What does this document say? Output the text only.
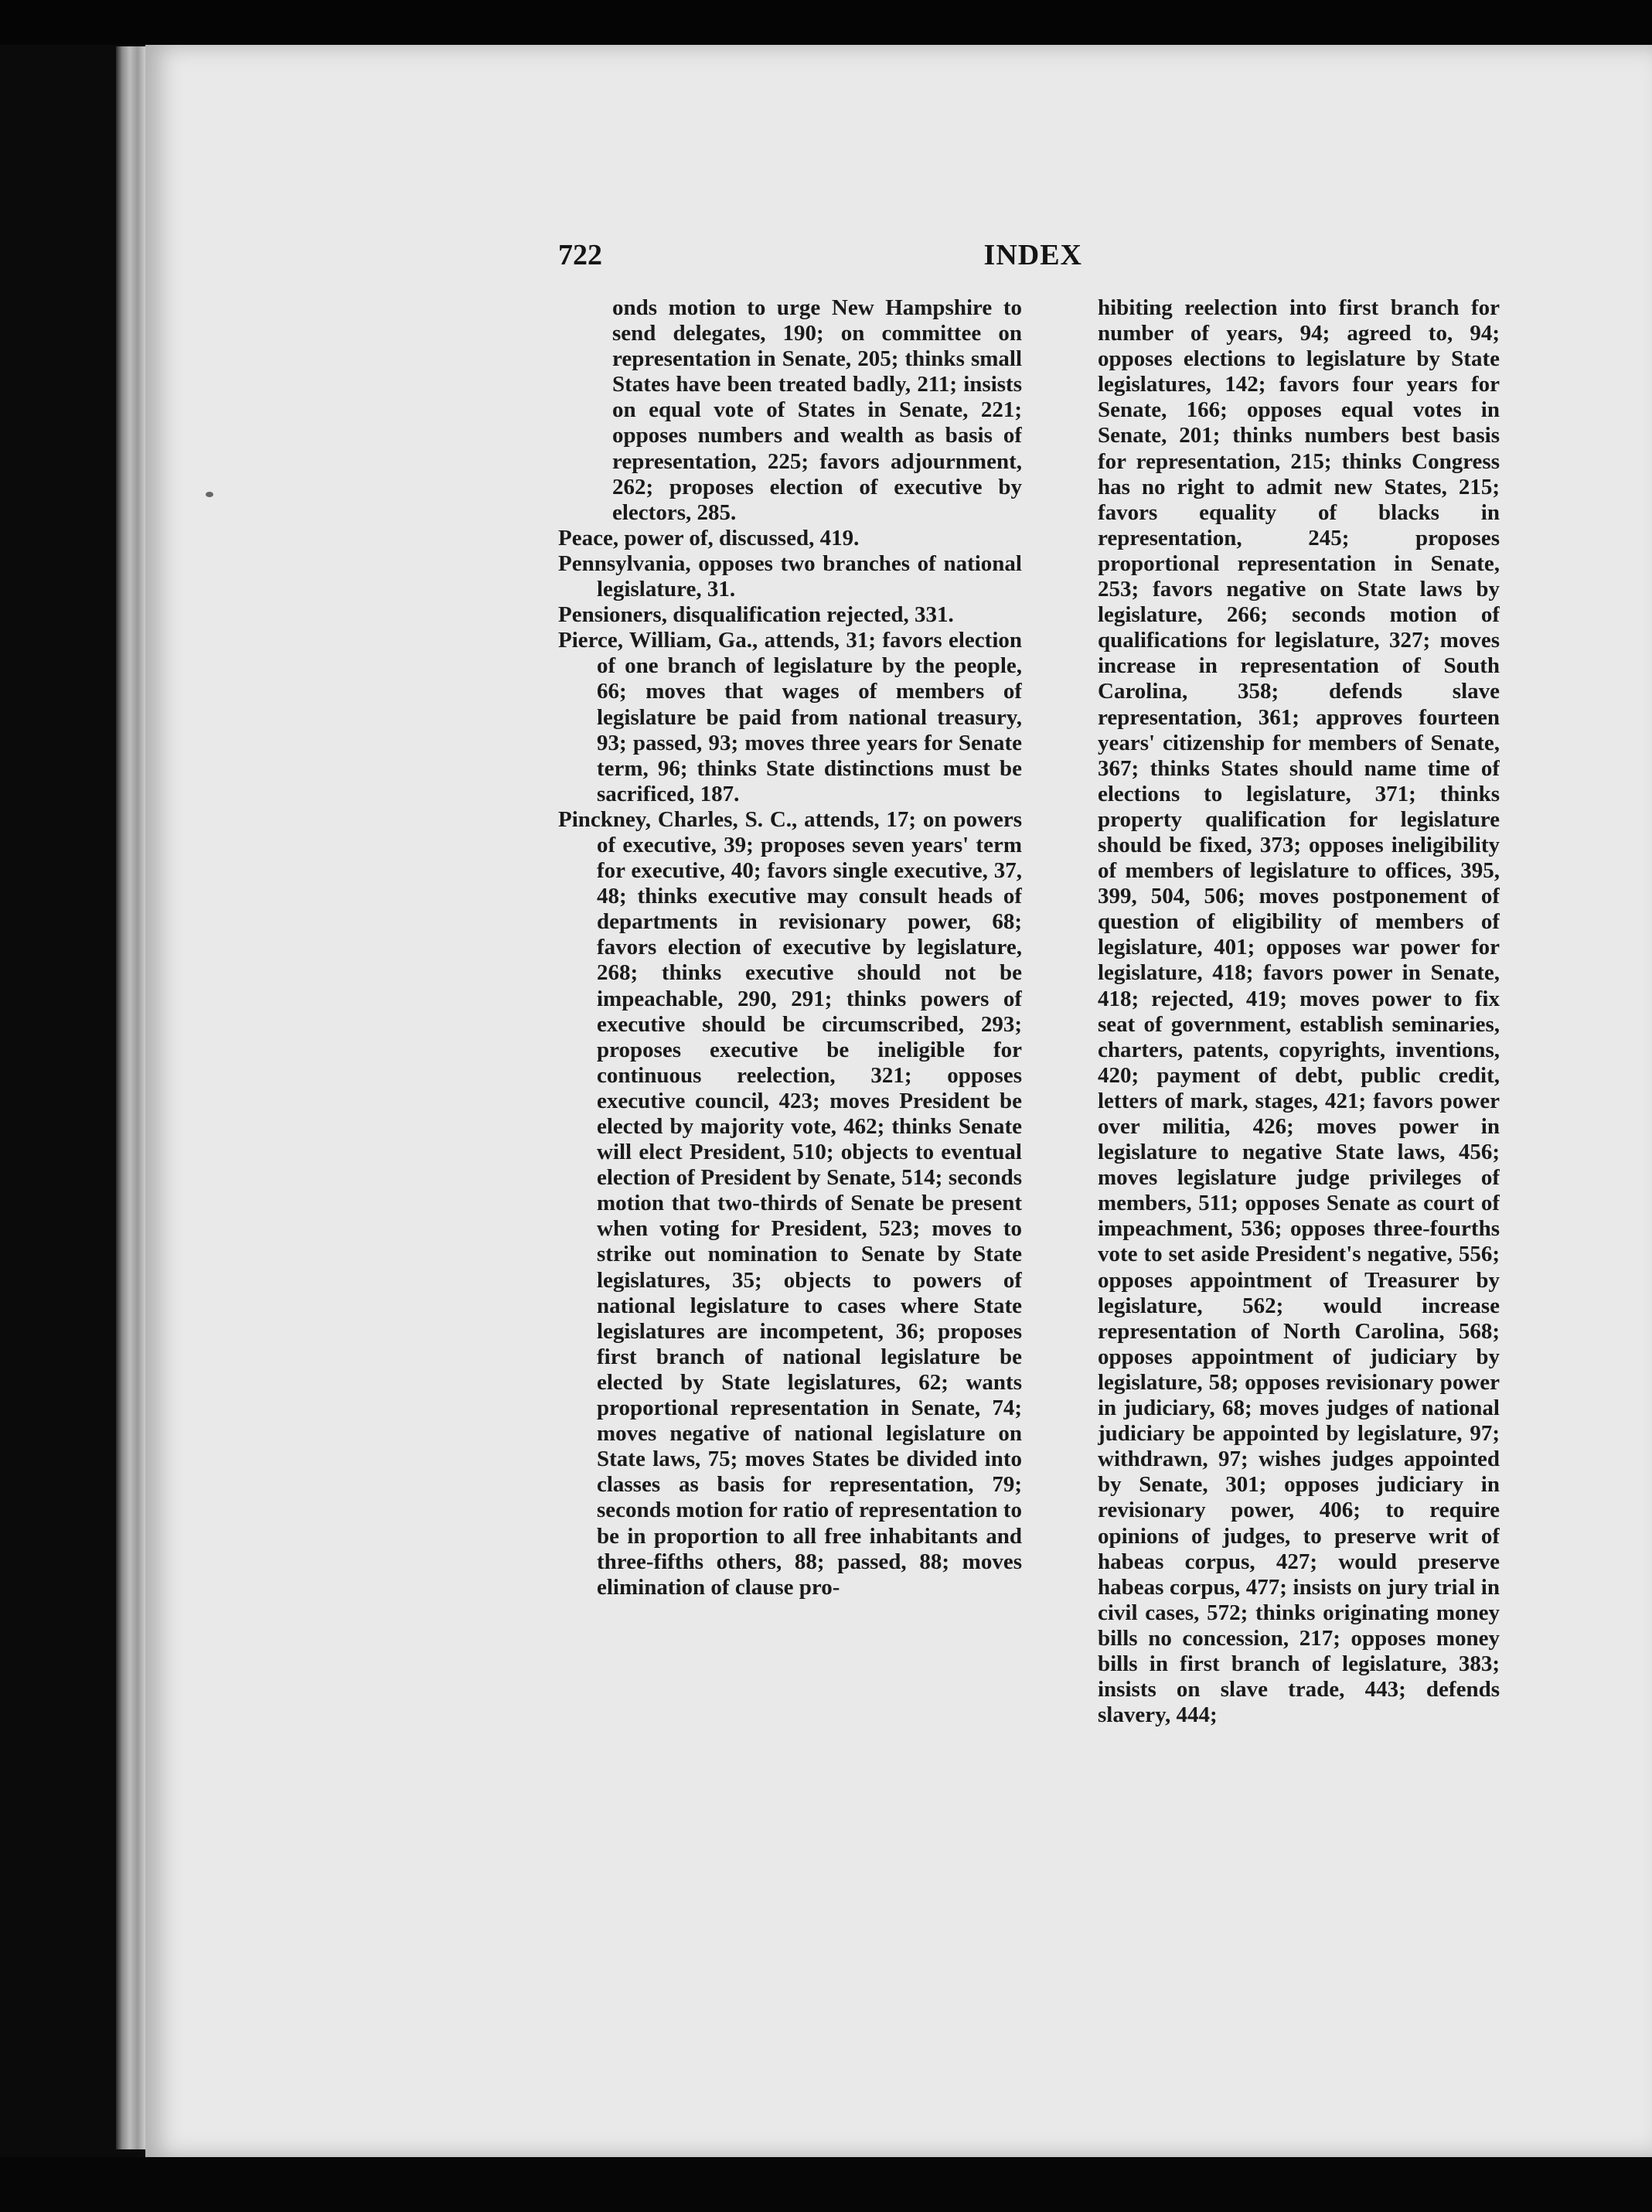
722	INDEX

onds motion to urge New Hampshire to send delegates, 190; on committee on representation in Senate, 205; thinks small States have been treated badly, 211; insists on equal vote of States in Senate, 221; opposes numbers and wealth as basis of representation, 225; favors adjournment, 262; proposes election of executive by electors, 285.

Peace, power of, discussed, 419.

Pennsylvania, opposes two branches of national legislature, 31.

Pensioners, disqualification rejected, 331.

Pierce, William, Ga., attends, 31; favors election of one branch of legislature by the people, 66; moves that wages of members of legislature be paid from national treasury, 93; passed, 93; moves three years for Senate term, 96; thinks State distinctions must be sacrificed, 187.

Pinckney, Charles, S. C., attends, 17; on powers of executive, 39; proposes seven years' term for executive, 40; favors single executive, 37, 48; thinks executive may consult heads of departments in revisionary power, 68; favors election of executive by legislature, 268; thinks executive should not be impeachable, 290, 291; thinks powers of executive should be circumscribed, 293; proposes executive be ineligible for continuous reelection, 321; opposes executive council, 423; moves President be elected by majority vote, 462; thinks Senate will elect President, 510; objects to eventual election of President by Senate, 514; seconds motion that two-thirds of Senate be present when voting for President, 523; moves to strike out nomination to Senate by State legislatures, 35; objects to powers of national legislature to cases where State legislatures are incompetent, 36; proposes first branch of national legislature be elected by State legislatures, 62; wants proportional representation in Senate, 74; moves negative of national legislature on State laws, 75; moves States be divided into classes as basis for representation, 79; seconds motion for ratio of representation to be in proportion to all free inhabitants and three-fifths others, 88; passed, 88; moves elimination of clause pro-

hibiting reelection into first branch for number of years, 94; agreed to, 94; opposes elections to legislature by State legislatures, 142; favors four years for Senate, 166; opposes equal votes in Senate, 201; thinks numbers best basis for representation, 215; thinks Congress has no right to admit new States, 215; favors equality of blacks in representation, 245; proposes proportional representation in Senate, 253; favors negative on State laws by legislature, 266; seconds motion of qualifications for legislature, 327; moves increase in representation of South Carolina, 358; defends slave representation, 361; approves fourteen years' citizenship for members of Senate, 367; thinks States should name time of elections to legislature, 371; thinks property qualification for legislature should be fixed, 373; opposes ineligibility of members of legislature to offices, 395, 399, 504, 506; moves postponement of question of eligibility of members of legislature, 401; opposes war power for legislature, 418; favors power in Senate, 418; rejected, 419; moves power to fix seat of government, establish seminaries, charters, patents, copyrights, inventions, 420; payment of debt, public credit, letters of mark, stages, 421; favors power over militia, 426; moves power in legislature to negative State laws, 456; moves legislature judge privileges of members, 511; opposes Senate as court of impeachment, 536; opposes three-fourths vote to set aside President's negative, 556; opposes appointment of Treasurer by legislature, 562; would increase representation of North Carolina, 568; opposes appointment of judiciary by legislature, 58; opposes revisionary power in judiciary, 68; moves judges of national judiciary be appointed by legislature, 97; withdrawn, 97; wishes judges appointed by Senate, 301; opposes judiciary in revisionary power, 406; to require opinions of judges, to preserve writ of habeas corpus, 427; would preserve habeas corpus, 477; insists on jury trial in civil cases, 572; thinks originating money bills no concession, 217; opposes money bills in first branch of legislature, 383; insists on slave trade, 443; defends slavery, 444;
